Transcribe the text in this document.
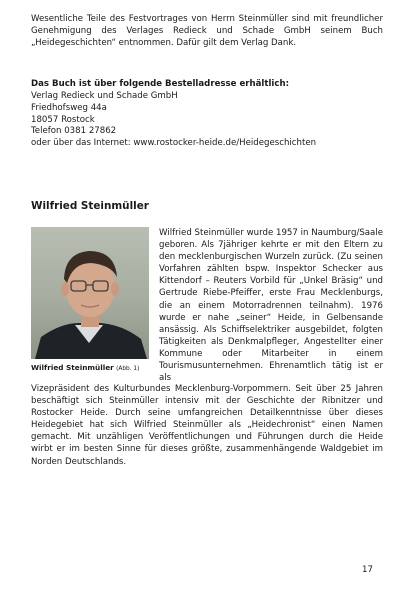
Wesentliche Teile des Festvortrages von Herrn Steinmüller sind mit freundlicher Genehmigung des Verlages Redieck und Schade GmbH seinem Buch „Heidegeschichten“ entnommen. Dafür gilt dem Verlag Dank.

Das Buch ist über folgende Bestelladresse erhältlich:

Verlag Redieck und Schade GmbH
Friedhofsweg 44a
18057 Rostock
Telefon 0381 27862
oder über das Internet: www.rostocker-heide.de/Heidegeschichten
Wilfried Steinmüller

Wilfried Steinmüller (Abb. 1)

Wilfried Steinmüller wurde 1957 in Naumburg/Saale geboren. Als 7jähriger kehrte er mit den Eltern zu den mecklenburgischen Wurzeln zurück. (Zu seinen Vorfahren zählten bspw. Inspektor Schecker aus Kittendorf – Reuters Vorbild für „Unkel Bräsig“ und Gertrude Riebe-Pfeiffer, erste Frau Mecklenburgs, die an einem Motorradrennen teilnahm). 1976 wurde er nahe „seiner“ Heide, in Gelbensande ansässig. Als Schiffselektriker ausgebildet, folgten Tätigkeiten als Denkmalpfleger, Angestellter einer Kommune oder Mitarbeiter in einem Tourismusunternehmen. Ehrenamtlich tätig ist er als

Vizepräsident des Kulturbundes Mecklenburg-Vorpommern. Seit über 25 Jahren beschäftigt sich Steinmüller intensiv mit der Geschichte der Ribnitzer und Rostocker Heide. Durch seine umfangreichen Detailkenntnisse über dieses Heidegebiet hat sich Wilfried Steinmüller als „Heidechronist“ einen Namen gemacht. Mit unzähligen Veröffentlichungen und Führungen durch die Heide wirbt er im besten Sinne für dieses größte, zusammenhängende Waldgebiet im Norden Deutschlands.

17
